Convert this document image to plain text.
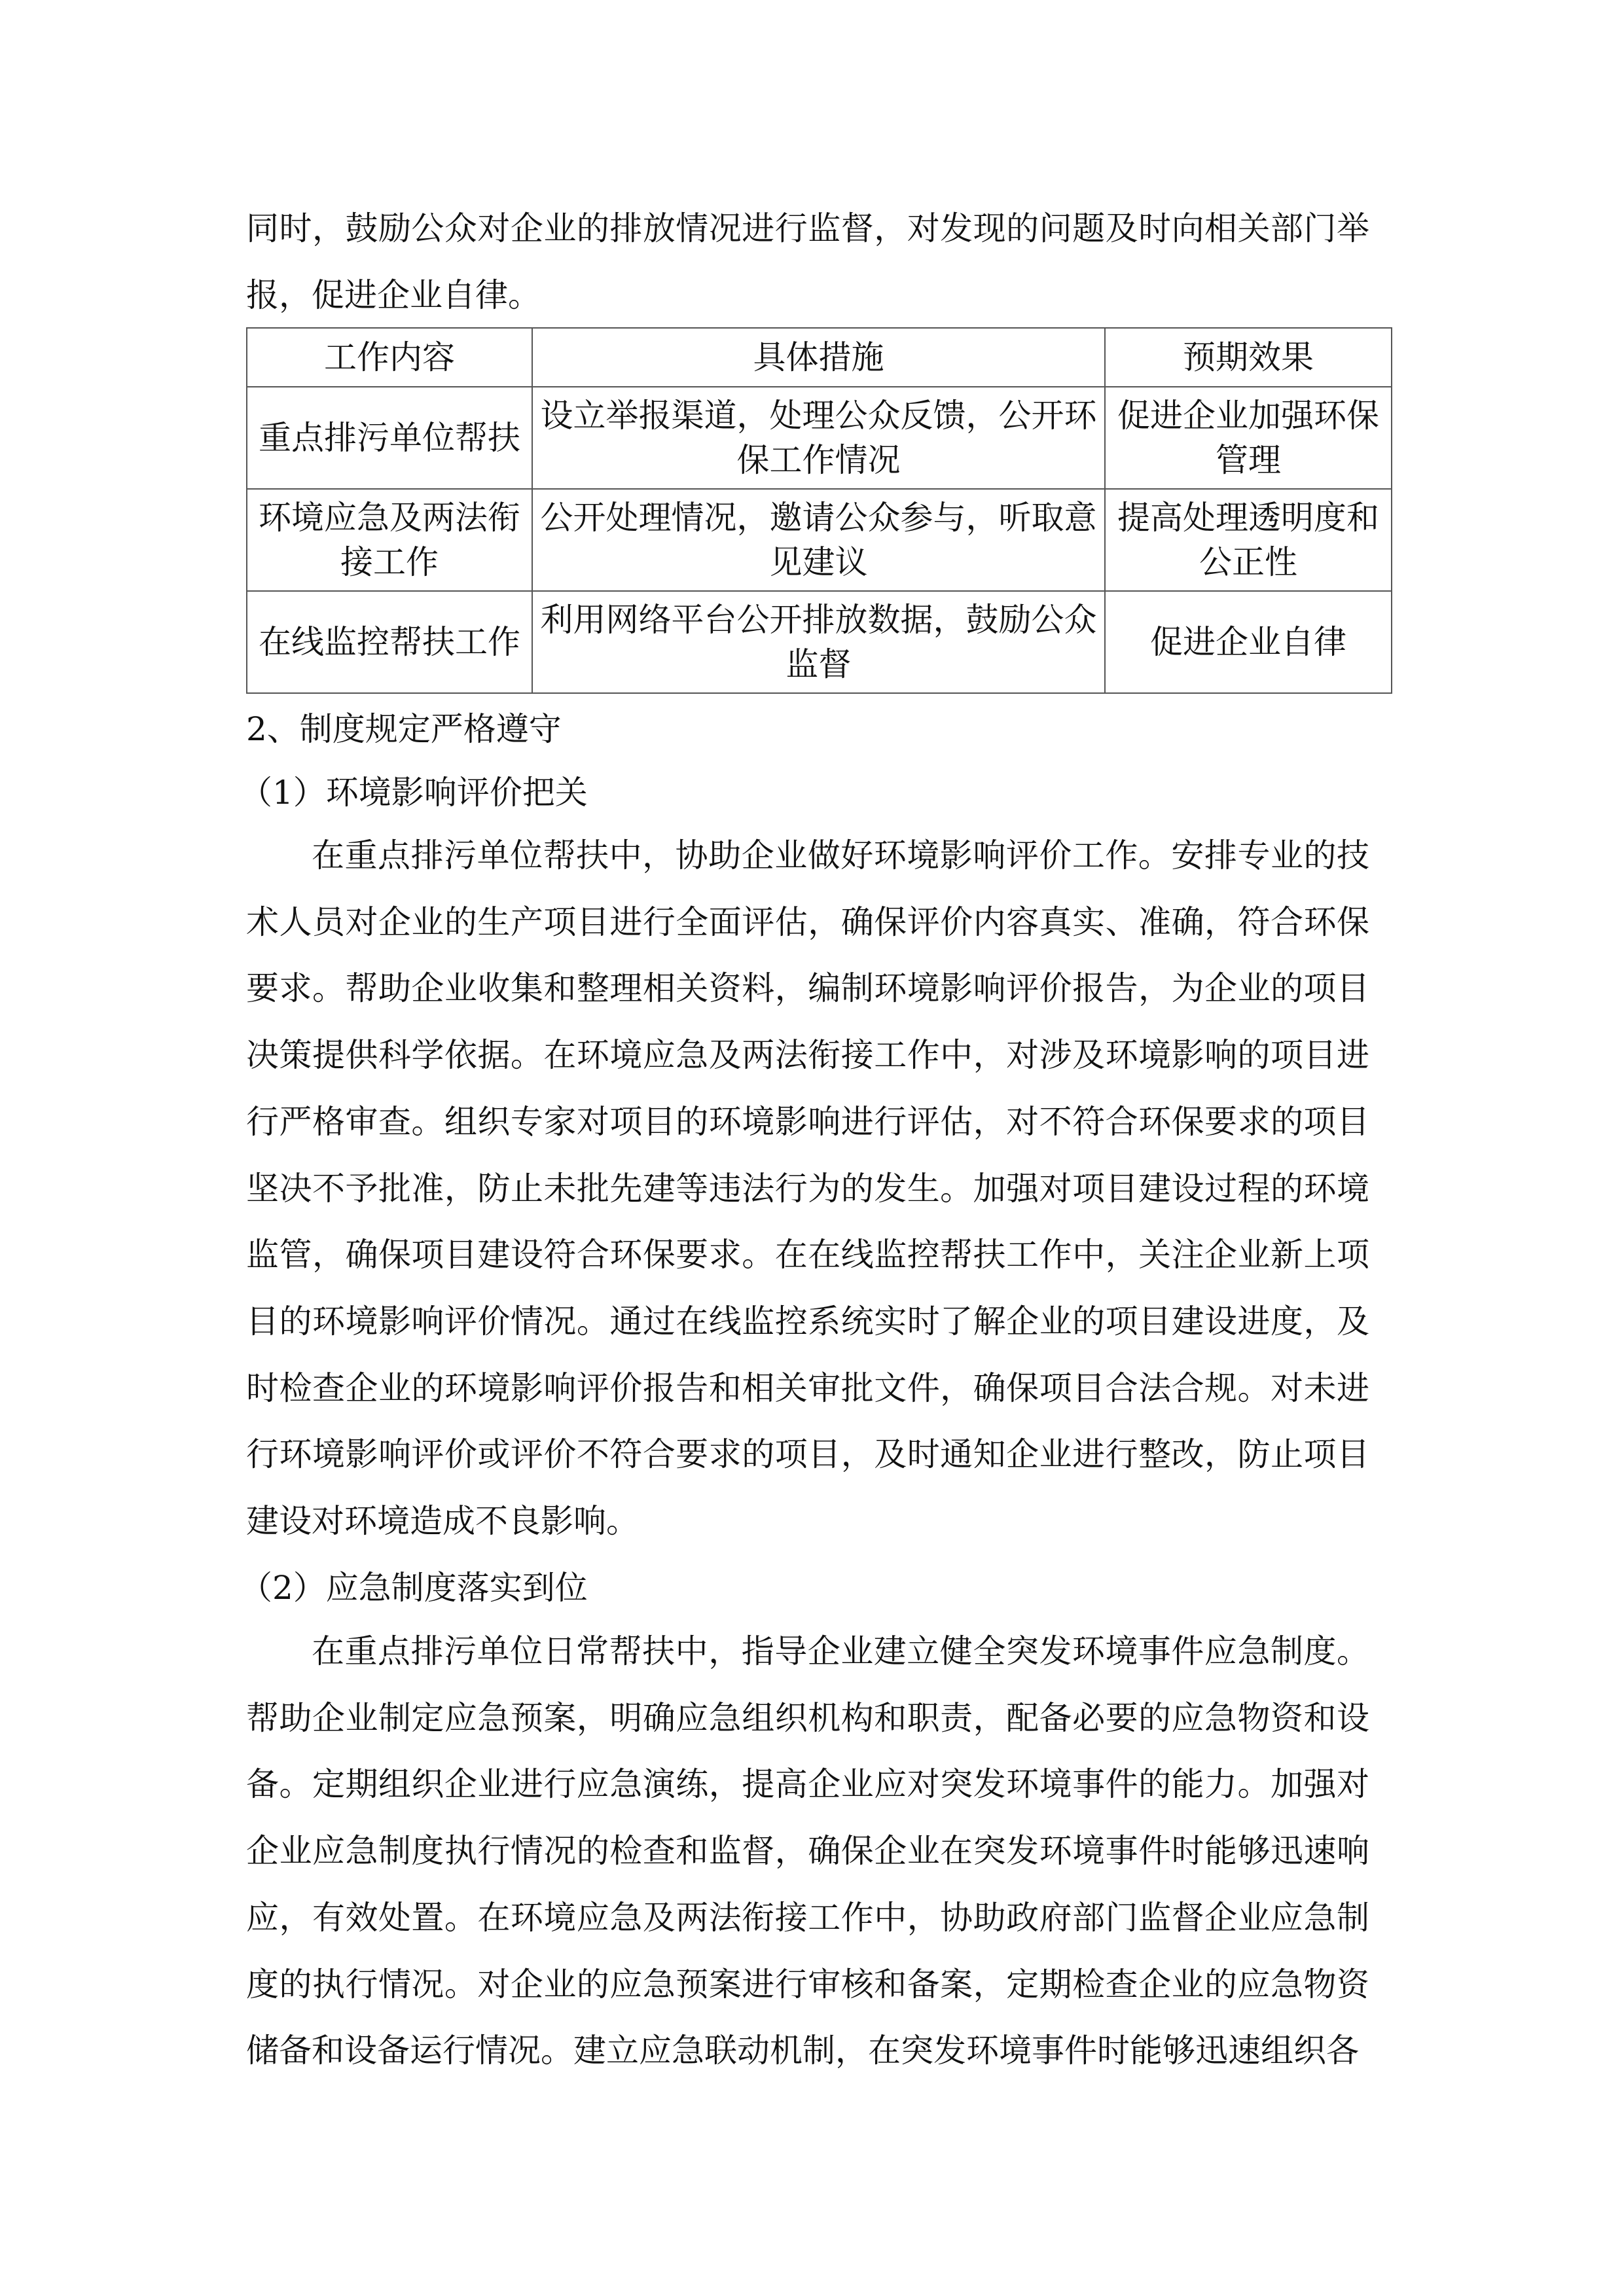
同时，鼓励公众对企业的排放情况进行监督，对发现的问题及时向相关部门举报，促进企业自律。
工作内容	具体措施	预期效果
重点排污单位帮扶	设立举报渠道，处理公众反馈，公开环保工作情况	促进企业加强环保管理
环境应急及两法衔接工作	公开处理情况，邀请公众参与，听取意见建议	提高处理透明度和公正性
在线监控帮扶工作	利用网络平台公开排放数据，鼓励公众监督	促进企业自律
2、制度规定严格遵守
（1）环境影响评价把关
在重点排污单位帮扶中，协助企业做好环境影响评价工作。安排专业的技术人员对企业的生产项目进行全面评估，确保评价内容真实、准确，符合环保要求。帮助企业收集和整理相关资料，编制环境影响评价报告，为企业的项目决策提供科学依据。在环境应急及两法衔接工作中，对涉及环境影响的项目进行严格审查。组织专家对项目的环境影响进行评估，对不符合环保要求的项目坚决不予批准，防止未批先建等违法行为的发生。加强对项目建设过程的环境监管，确保项目建设符合环保要求。在在线监控帮扶工作中，关注企业新上项目的环境影响评价情况。通过在线监控系统实时了解企业的项目建设进度，及时检查企业的环境影响评价报告和相关审批文件，确保项目合法合规。对未进行环境影响评价或评价不符合要求的项目，及时通知企业进行整改，防止项目建设对环境造成不良影响。
（2）应急制度落实到位
在重点排污单位日常帮扶中，指导企业建立健全突发环境事件应急制度。帮助企业制定应急预案，明确应急组织机构和职责，配备必要的应急物资和设备。定期组织企业进行应急演练，提高企业应对突发环境事件的能力。加强对企业应急制度执行情况的检查和监督，确保企业在突发环境事件时能够迅速响应，有效处置。在环境应急及两法衔接工作中，协助政府部门监督企业应急制度的执行情况。对企业的应急预案进行审核和备案，定期检查企业的应急物资储备和设备运行情况。建立应急联动机制，在突发环境事件时能够迅速组织各
